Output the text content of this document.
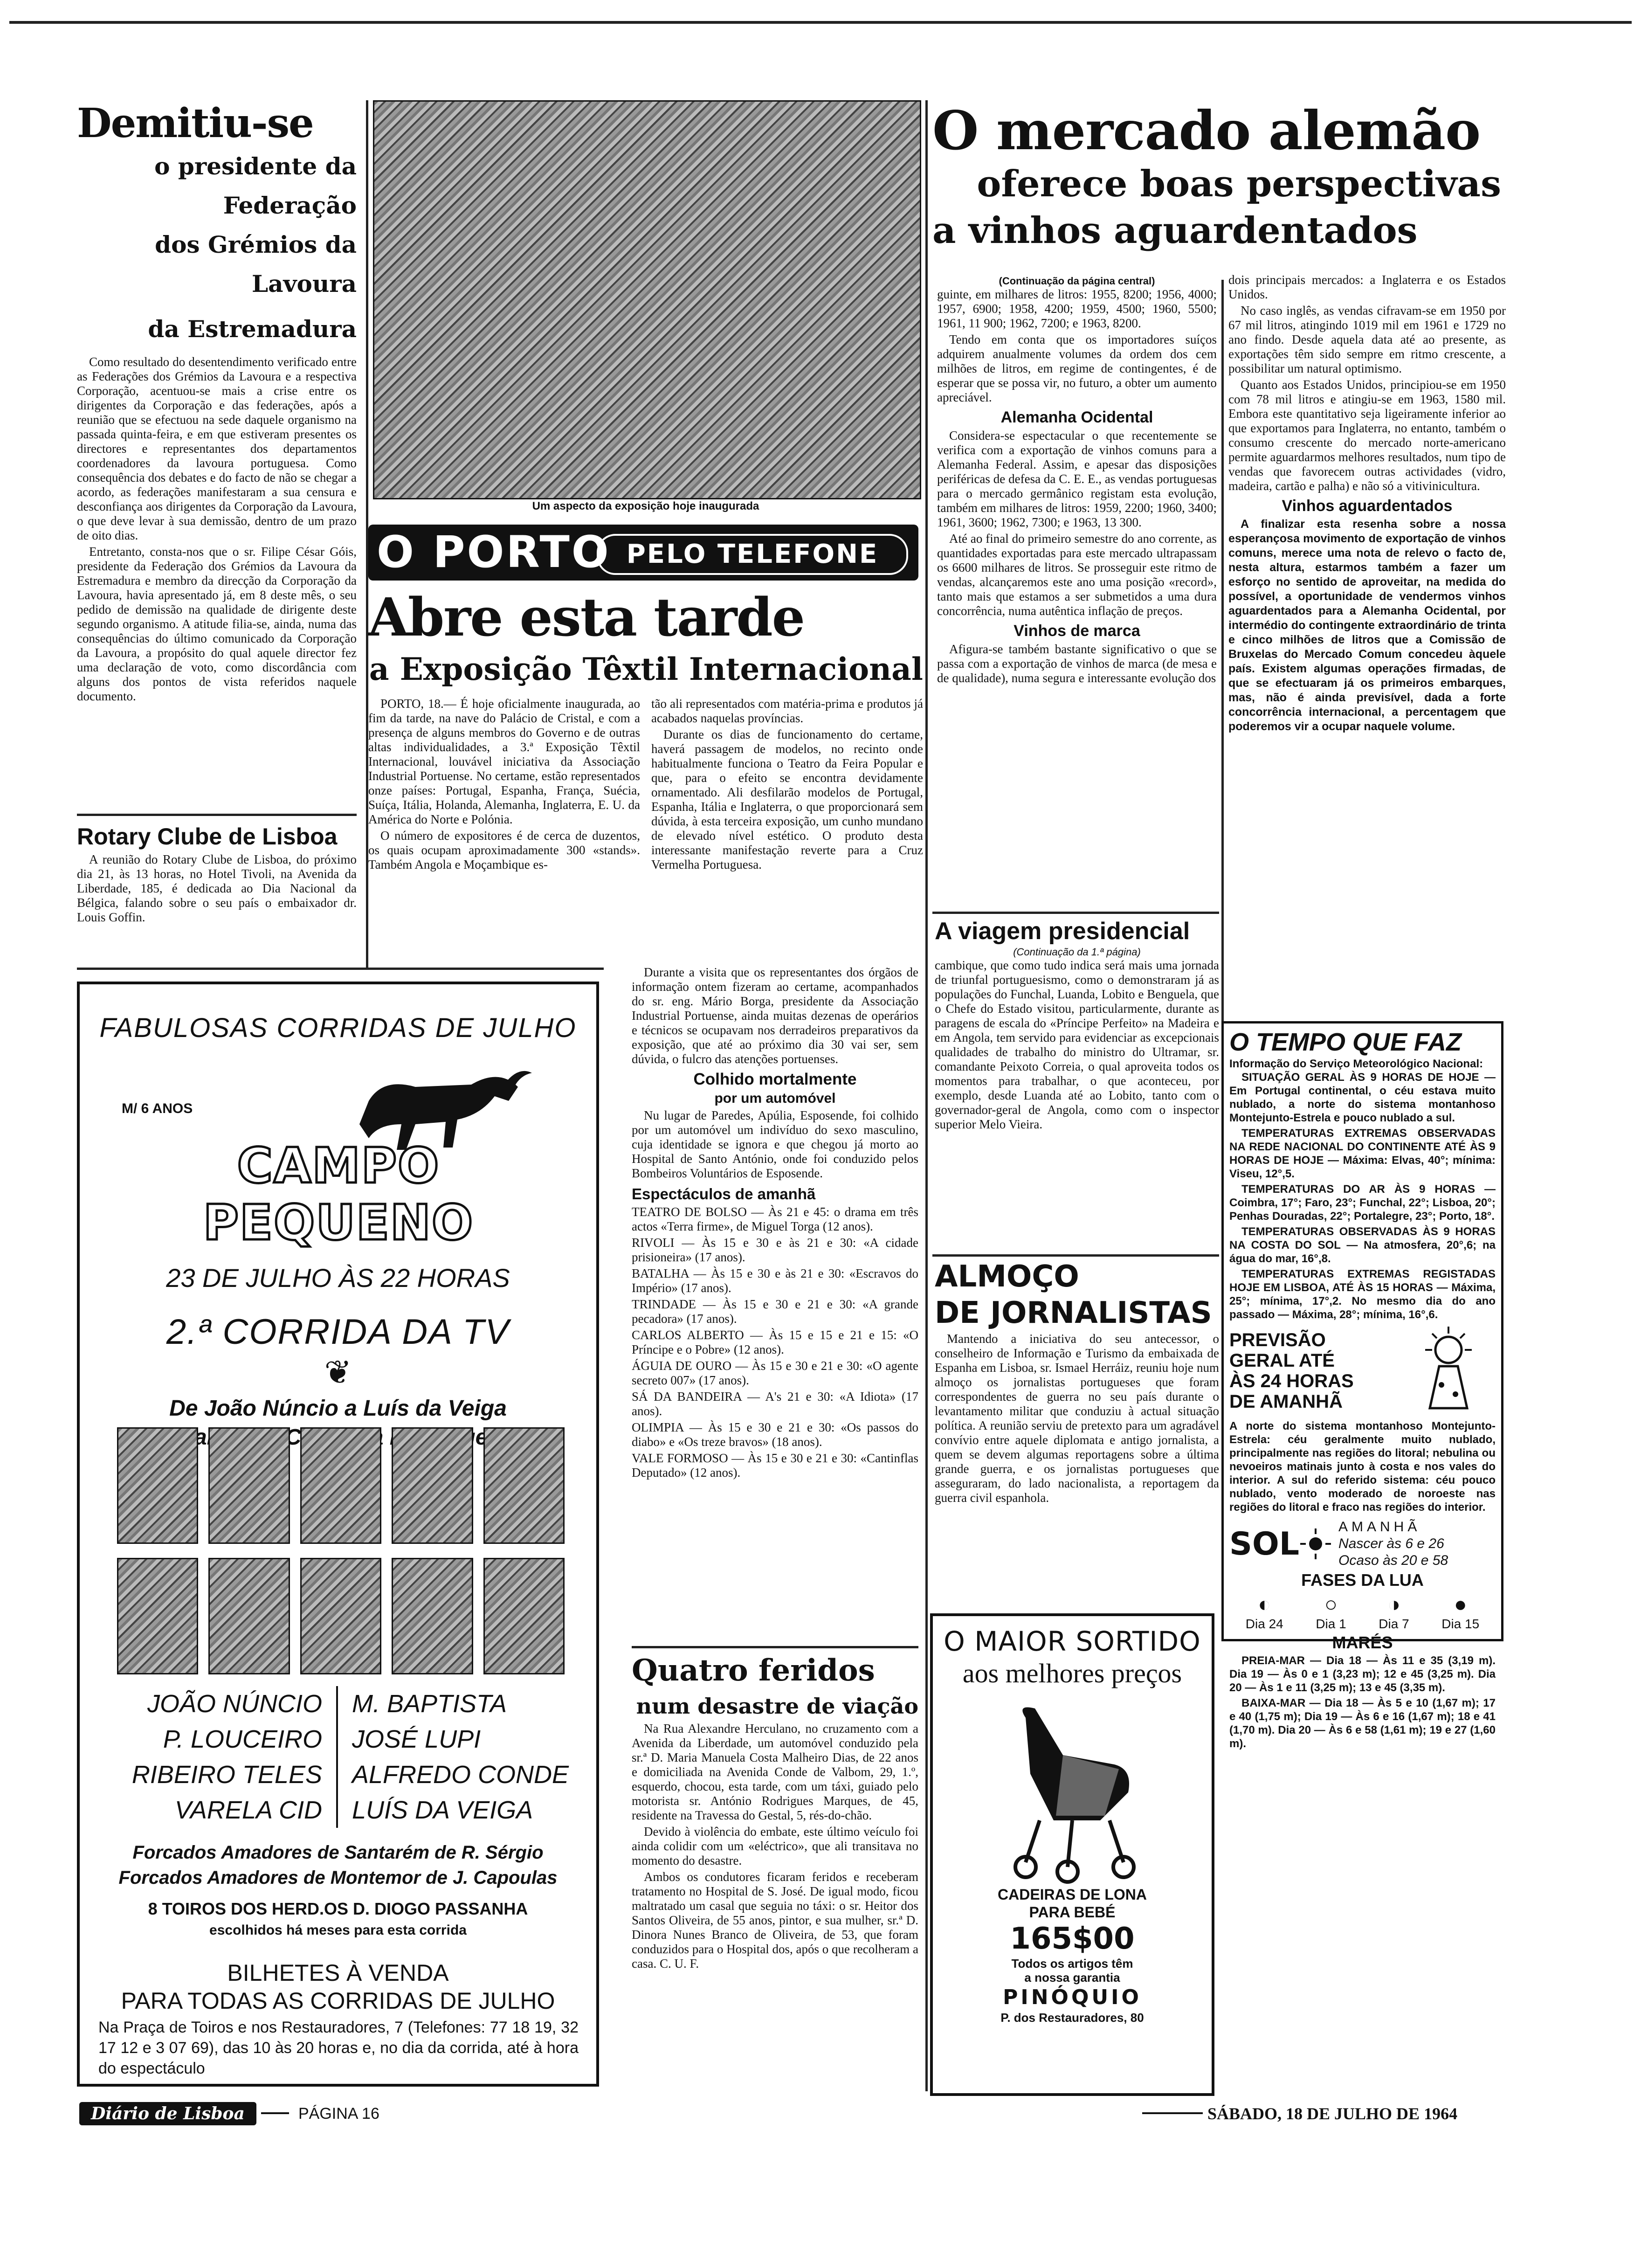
Demitiu-se
o presidente da Federação
dos Grémios da Lavoura
da Estremadura

Como resultado do desentendimento verificado entre as Federações dos Grémios da Lavoura e a respectiva Corporação, acentuou-se mais a crise entre os dirigentes da Corporação e das federações, após a reunião que se efectuou na sede daquele organismo na passada quinta-feira, e em que estiveram presentes os directores e representantes dos departamentos coordenadores da lavoura portuguesa. Como consequência dos debates e do facto de não se chegar a acordo, as federações manifestaram a sua censura e desconfiança aos dirigentes da Corporação da Lavoura, o que deve levar à sua demissão, dentro de um prazo de oito dias.

Entretanto, consta-nos que o sr. Filipe César Góis, presidente da Federação dos Grémios da Lavoura da Estremadura e membro da direcção da Corporação da Lavoura, havia apresentado já, em 8 deste mês, o seu pedido de demissão na qualidade de dirigente deste segundo organismo. A atitude filia-se, ainda, numa das consequências do último comunicado da Corporação da Lavoura, a propósito do qual aquele director fez uma declaração de voto, como discordância com alguns dos pontos de vista referidos naquele documento.

Rotary Clube de Lisboa

A reunião do Rotary Clube de Lisboa, do próximo dia 21, às 13 horas, no Hotel Tivoli, na Avenida da Liberdade, 185, é dedicada ao Dia Nacional da Bélgica, falando sobre o seu país o embaixador dr. Louis Goffin.

FABULOSAS CORRIDAS DE JULHO
M/ 6 ANOS
CAMPO PEQUENO
23 DE JULHO ÀS 22 HORAS
2.ª CORRIDA DA TV
❦
De João Núncio a Luís da Veiga
JOÃO NÚNCIO
P. LOUCEIRO
RIBEIRO TELES
VARELA CID
M. BAPTISTA
JOSÉ LUPI
ALFREDO CONDE
LUÍS DA VEIGA
Forcados Amadores de Santarém de R. Sérgio
Forcados Amadores de Montemor de J. Capoulas
8 TOIROS DOS HERD.OS D. DIOGO PASSANHA
escolhidos há meses para esta corrida
BILHETES À VENDA
PARA TODAS AS CORRIDAS DE JULHO
Na Praça de Toiros e nos Restauradores, 7 (Telefones: 77 18 19, 32 17 12 e 3 07 69), das 10 às 20 horas e, no dia da corrida, até à hora do espectáculo
Um aspecto da exposição hoje inaugurada
O PORTO PELO TELEFONE
Abre esta tarde
a Exposição Têxtil Internacional

PORTO, 18.— É hoje oficialmente inaugurada, ao fim da tarde, na nave do Palácio de Cristal, e com a presença de alguns membros do Governo e de outras altas individualidades, a 3.ª Exposição Têxtil Internacional, louvável iniciativa da Associação Industrial Portuense. No certame, estão representados onze países: Portugal, Espanha, França, Suécia, Suíça, Itália, Holanda, Alemanha, Inglaterra, E. U. da América do Norte e Polónia.

O número de expositores é de cerca de duzentos, os quais ocupam aproximadamente 300 «stands». Também Angola e Moçambique es-

tão ali representados com matéria-prima e produtos já acabados naquelas províncias.

Durante os dias de funcionamento do certame, haverá passagem de modelos, no recinto onde habitualmente funciona o Teatro da Feira Popular e que, para o efeito se encontra devidamente ornamentado. Ali desfilarão modelos de Portugal, Espanha, Itália e Inglaterra, o que proporcionará sem dúvida, à esta terceira exposição, um cunho mundano de elevado nível estético. O produto desta interessante manifestação reverte para a Cruz Vermelha Portuguesa.

Durante a visita que os representantes dos órgãos de informação ontem fizeram ao certame, acompanhados do sr. eng. Mário Borga, presidente da Associação Industrial Portuense, ainda muitas dezenas de operários e técnicos se ocupavam nos derradeiros preparativos da exposição, que até ao próximo dia 30 vai ser, sem dúvida, o fulcro das atenções portuenses.

Colhido mortalmente
por um automóvel

Nu lugar de Paredes, Apúlia, Esposende, foi colhido por um automóvel um indivíduo do sexo masculino, cuja identidade se ignora e que chegou já morto ao Hospital de Santo António, onde foi conduzido pelos Bombeiros Voluntários de Esposende.

Espectáculos de amanhã

TEATRO DE BOLSO — Às 21 e 45: o drama em três actos «Terra firme», de Miguel Torga (12 anos).

RIVOLI — Às 15 e 30 e às 21 e 30: «A cidade prisioneira» (17 anos).

BATALHA — Às 15 e 30 e às 21 e 30: «Escravos do Império» (17 anos).

TRINDADE — Às 15 e 30 e 21 e 30: «A grande pecadora» (17 anos).

CARLOS ALBERTO — Às 15 e 15 e 21 e 15: «O Príncipe e o Pobre» (12 anos).

ÁGUIA DE OURO — Às 15 e 30 e 21 e 30: «O agente secreto 007» (17 anos).

SÁ DA BANDEIRA — A's 21 e 30: «A Idiota» (17 anos).

OLIMPIA — Às 15 e 30 e 21 e 30: «Os passos do diabo» e «Os treze bravos» (18 anos).

VALE FORMOSO — Às 15 e 30 e 21 e 30: «Cantinflas Deputado» (12 anos).

Quatro feridos
num desastre de viação

Na Rua Alexandre Herculano, no cruzamento com a Avenida da Liberdade, um automóvel conduzido pela sr.ª D. Maria Manuela Costa Malheiro Dias, de 22 anos e domiciliada na Avenida Conde de Valbom, 29, 1.º, esquerdo, chocou, esta tarde, com um táxi, guiado pelo motorista sr. António Rodrigues Marques, de 45, residente na Travessa do Gestal, 5, rés-do-chão.

Devido à violência do embate, este último veículo foi ainda colidir com um «eléctrico», que ali transitava no momento do desastre.

Ambos os condutores ficaram feridos e receberam tratamento no Hospital de S. José. De igual modo, ficou maltratado um casal que seguia no táxi: o sr. Heitor dos Santos Oliveira, de 55 anos, pintor, e sua mulher, sr.ª D. Dinora Nunes Branco de Oliveira, de 53, que foram conduzidos para o Hospital dos, após o que recolheram a casa. C. U. F.

O mercado alemão
oferece boas perspectivas
a vinhos aguardentados
(Continuação da página central)

guinte, em milhares de litros: 1955, 8200; 1956, 4000; 1957, 6900; 1958, 4200; 1959, 4500; 1960, 5500; 1961, 11 900; 1962, 7200; e 1963, 8200.

Tendo em conta que os importadores suíços adquirem anualmente volumes da ordem dos cem milhões de litros, em regime de contingentes, é de esperar que se possa vir, no futuro, a obter um aumento apreciável.

Alemanha Ocidental

Considera-se espectacular o que recentemente se verifica com a exportação de vinhos comuns para a Alemanha Federal. Assim, e apesar das disposições periféricas de defesa da C. E. E., as vendas portuguesas para o mercado germânico registam esta evolução, também em milhares de litros: 1959, 2200; 1960, 3400; 1961, 3600; 1962, 7300; e 1963, 13 300.

Até ao final do primeiro semestre do ano corrente, as quantidades exportadas para este mercado ultrapassam os 6600 milhares de litros. Se prosseguir este ritmo de vendas, alcançaremos este ano uma posição «record», tanto mais que estamos a ser submetidos a uma dura concorrência, numa autêntica inflação de preços.

Vinhos de marca

Afigura-se também bastante significativo o que se passa com a exportação de vinhos de marca (de mesa e de qualidade), numa segura e interessante evolução dos

dois principais mercados: a Inglaterra e os Estados Unidos.

No caso inglês, as vendas cifravam-se em 1950 por 67 mil litros, atingindo 1019 mil em 1961 e 1729 no ano findo. Desde aquela data até ao presente, as exportações têm sido sempre em ritmo crescente, a possibilitar um natural optimismo.

Quanto aos Estados Unidos, principiou-se em 1950 com 78 mil litros e atingiu-se em 1963, 1580 mil. Embora este quantitativo seja ligeiramente inferior ao que exportamos para Inglaterra, no entanto, também o consumo crescente do mercado norte-americano permite aguardarmos melhores resultados, num tipo de vendas que favorecem outras actividades (vidro, madeira, cartão e palha) e não só a vitivinicultura.

Vinhos aguardentados

A finalizar esta resenha sobre a nossa esperançosa movimento de exportação de vinhos comuns, merece uma nota de relevo o facto de, nesta altura, estarmos também a fazer um esforço no sentido de aproveitar, na medida do possível, a oportunidade de vendermos vinhos aguardentados para a Alemanha Ocidental, por intermédio do contingente extraordinário de trinta e cinco milhões de litros que a Comissão de Bruxelas do Mercado Comum concedeu àquele país. Existem algumas operações firmadas, de que se efectuaram já os primeiros embarques, mas, não é ainda previsível, dada a forte concorrência internacional, a percentagem que poderemos vir a ocupar naquele volume.

A viagem presidencial
(Continuação da 1.ª página)

cambique, que como tudo indica será mais uma jornada de triunfal portuguesismo, como o demonstraram já as populações do Funchal, Luanda, Lobito e Benguela, que o Chefe do Estado visitou, particularmente, durante as paragens de escala do «Príncipe Perfeito» na Madeira e em Angola, tem servido para evidenciar as excepcionais qualidades de trabalho do ministro do Ultramar, sr. comandante Peixoto Correia, o qual aproveita todos os momentos para trabalhar, o que aconteceu, por exemplo, desde Luanda até ao Lobito, tanto com o governador-geral de Angola, como com o inspector superior Melo Vieira.

ALMOÇO
DE JORNALISTAS

Mantendo a iniciativa do seu antecessor, o conselheiro de Informação e Turismo da embaixada de Espanha em Lisboa, sr. Ismael Herráiz, reuniu hoje num almoço os jornalistas portugueses que foram correspondentes de guerra no seu país durante o levantamento militar que conduziu à actual situação política. A reunião serviu de pretexto para um agradável convívio entre aquele diplomata e antigo jornalista, a quem se devem algumas reportagens sobre a última grande guerra, e os jornalistas portugueses que asseguraram, do lado nacionalista, a reportagem da guerra civil espanhola.

O MAIOR SORTIDO
aos melhores preços
CADEIRAS DE LONA
PARA BEBÉ
165$00
Todos os artigos têm
a nossa garantia
PINÓQUIO
P. dos Restauradores, 80
O TEMPO QUE FAZ
Informação do Serviço Meteorológico Nacional:

SITUAÇÃO GERAL ÀS 9 HORAS DE HOJE — Em Portugal continental, o céu estava muito nublado, a norte do sistema montanhoso Montejunto-Estrela e pouco nublado a sul.

TEMPERATURAS EXTREMAS OBSERVADAS NA REDE NACIONAL DO CONTINENTE ATÉ ÀS 9 HORAS DE HOJE — Máxima: Elvas, 40°; mínima: Viseu, 12°,5.

TEMPERATURAS DO AR ÀS 9 HORAS — Coimbra, 17°; Faro, 23°; Funchal, 22°; Lisboa, 20°; Penhas Douradas, 22°; Portalegre, 23°; Porto, 18°.

TEMPERATURAS OBSERVADAS ÀS 9 HORAS NA COSTA DO SOL — Na atmosfera, 20°,6; na água do mar, 16°,8.

TEMPERATURAS EXTREMAS REGISTADAS HOJE EM LISBOA, ATÉ ÀS 15 HORAS — Máxima, 25°; mínima, 17°,2. No mesmo dia do ano passado — Máxima, 28°; mínima, 16°,6.

PREVISÃO
GERAL ATÉ
ÀS 24 HORAS
DE AMANHÃ
A norte do sistema montanhoso Montejunto-Estrela: céu geralmente muito nublado, principalmente nas regiões do litoral; nebulina ou nevoeiros matinais junto à costa e nos vales do interior. A sul do referido sistema: céu pouco nublado, vento moderado de noroeste nas regiões do litoral e fraco nas regiões do interior.
SOL	AMANHÃ
Nascer às 6 e 26
Ocaso às 20 e 58
FASES DA LUA
◐
Dia 24
○
Dia 1
◑
Dia 7
●
Dia 15
MARÉS

PREIA-MAR — Dia 18 — Às 11 e 35 (3,19 m). Dia 19 — Às 0 e 1 (3,23 m); 12 e 45 (3,25 m). Dia 20 — Às 1 e 11 (3,25 m); 13 e 45 (3,35 m).

BAIXA-MAR — Dia 18 — Às 5 e 10 (1,67 m); 17 e 40 (1,75 m); Dia 19 — Às 6 e 16 (1,67 m); 18 e 41 (1,70 m). Dia 20 — Às 6 e 58 (1,61 m); 19 e 27 (1,60 m).

Diário de Lisboa	PÁGINA 16	SÁBADO, 18 DE JULHO DE 1964
